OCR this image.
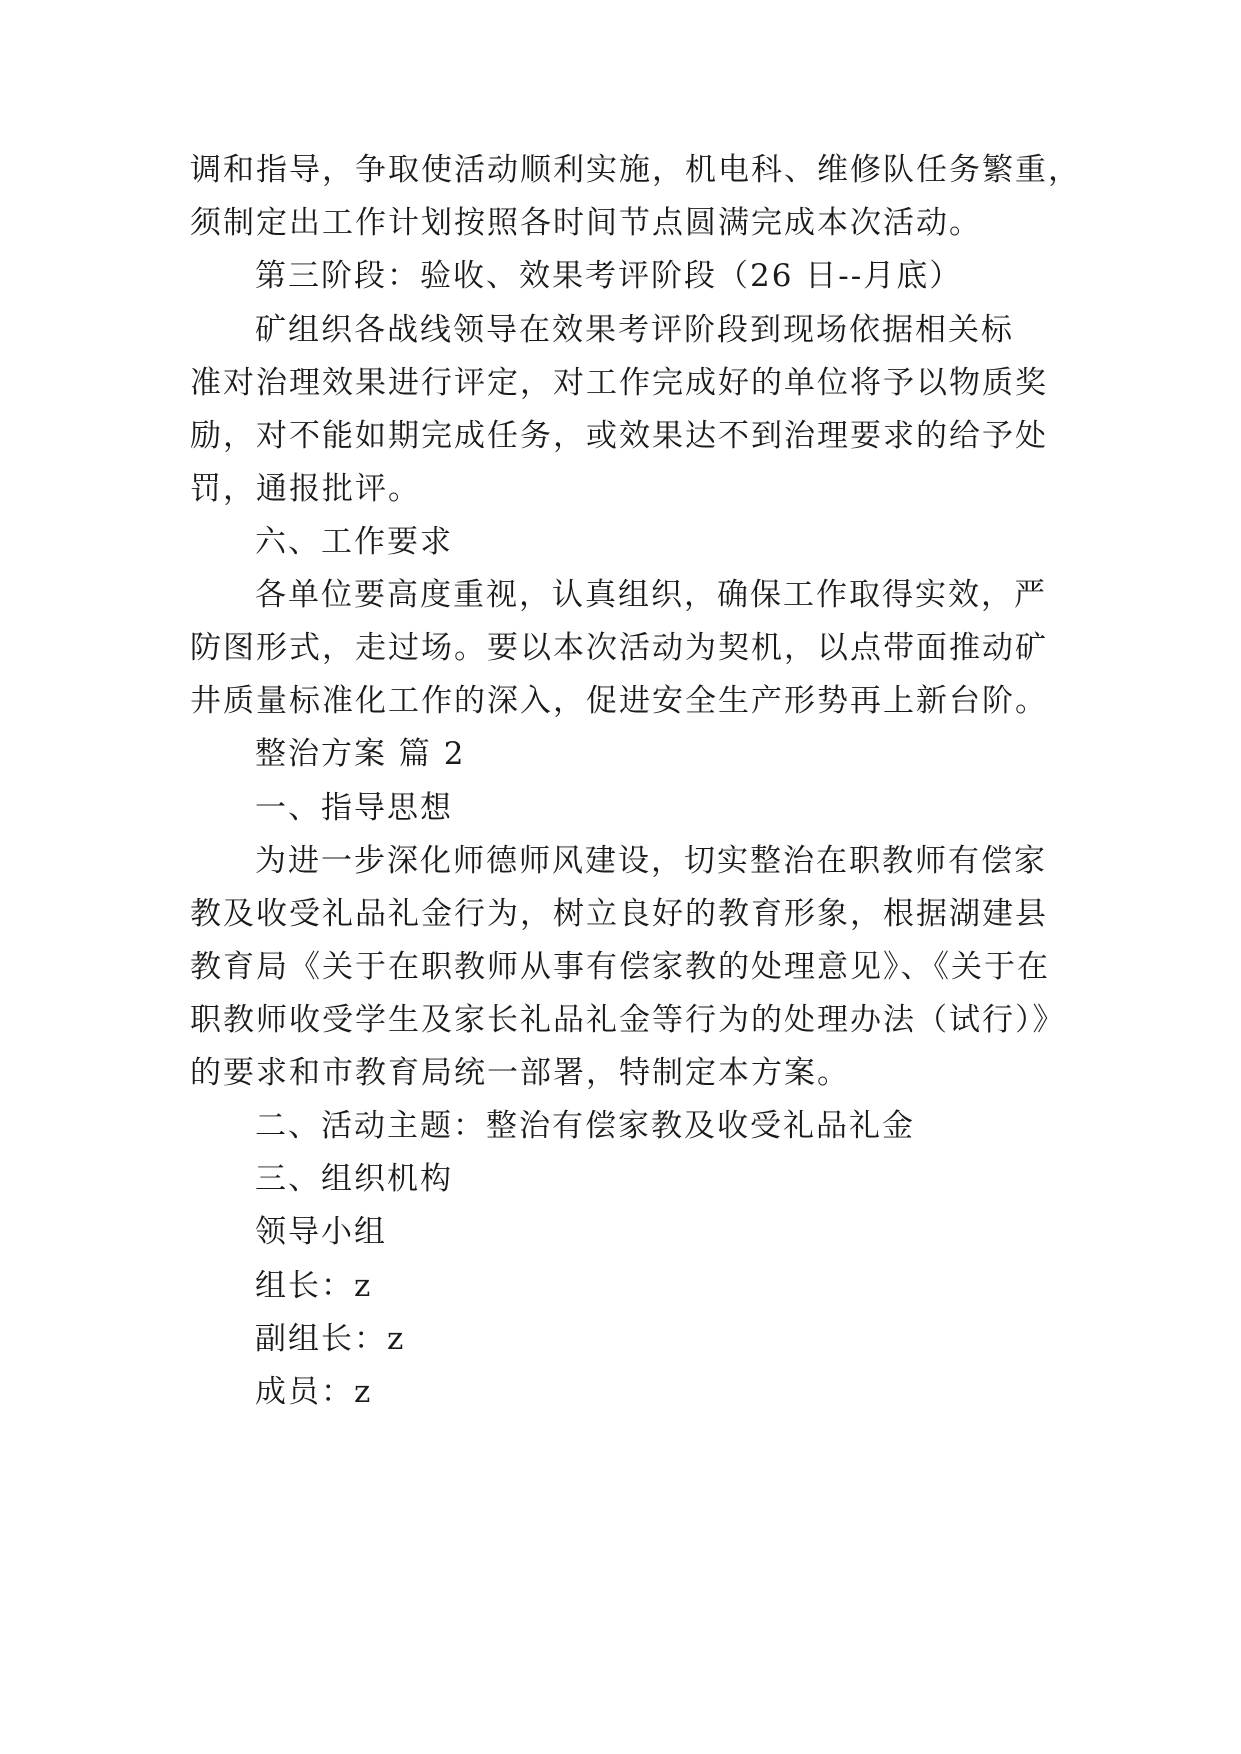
调和指导，争取使活动顺利实施，机电科、维修队任务繁重，
须制定出工作计划按照各时间节点圆满完成本次活动。
第三阶段：验收、效果考评阶段（26 日--月底）
矿组织各战线领导在效果考评阶段到现场依据相关标
准对治理效果进行评定，对工作完成好的单位将予以物质奖
励，对不能如期完成任务，或效果达不到治理要求的给予处
罚，通报批评。
六、工作要求
各单位要高度重视，认真组织，确保工作取得实效，严
防图形式，走过场。要以本次活动为契机，以点带面推动矿
井质量标准化工作的深入，促进安全生产形势再上新台阶。
整治方案 篇 2
一、指导思想
为进一步深化师德师风建设，切实整治在职教师有偿家
教及收受礼品礼金行为，树立良好的教育形象，根据湖建县
教育局《关于在职教师从事有偿家教的处理意见》、《关于在
职教师收受学生及家长礼品礼金等行为的处理办法（试行）》
的要求和市教育局统一部署，特制定本方案。
二、活动主题：整治有偿家教及收受礼品礼金
三、组织机构
领导小组
组长：z
副组长：z
成员：z
